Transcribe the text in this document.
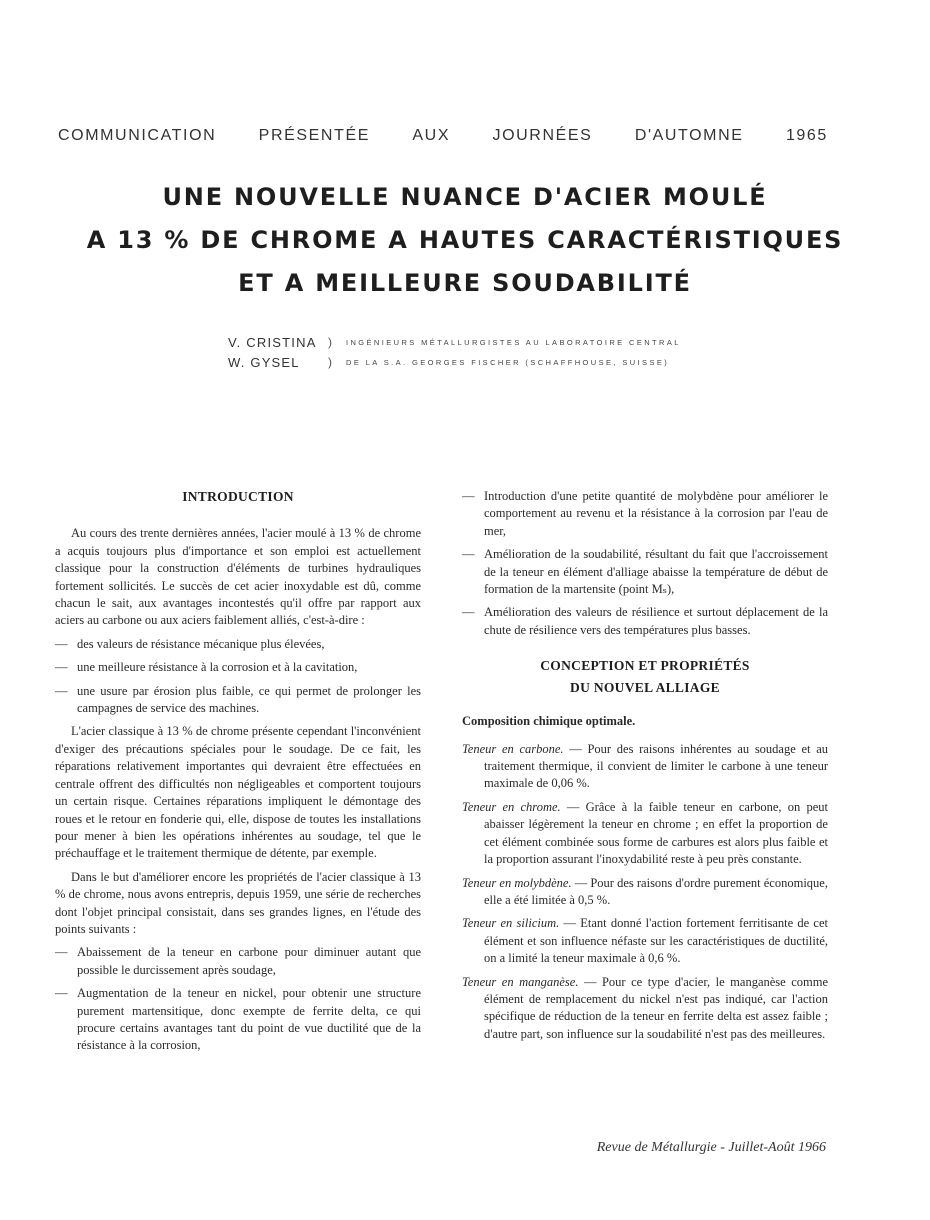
COMMUNICATION	PRÉSENTÉE	AUX	JOURNÉES	D'AUTOMNE	1965
UNE NOUVELLE NUANCE D'ACIER MOULÉ
A 13 % DE CHROME A HAUTES CARACTÉRISTIQUES
ET A MEILLEURE SOUDABILITÉ
V. CRISTINA )	INGÉNIEURS MÉTALLURGISTES AU LABORATOIRE CENTRAL
W. GYSEL	)	DE LA S.A. GEORGES FISCHER (SCHAFFHOUSE, SUISSE)
INTRODUCTION

Au cours des trente dernières années, l'acier moulé à 13 % de chrome a acquis toujours plus d'importance et son emploi est actuellement classique pour la construction d'éléments de turbines hydrauliques fortement sollicités. Le succès de cet acier inoxydable est dû, comme chacun le sait, aux avantages incontestés qu'il offre par rapport aux aciers au carbone ou aux aciers faiblement alliés, c'est-à-dire :

— des valeurs de résistance mécanique plus élevées,
— une meilleure résistance à la corrosion et à la cavitation,
— une usure par érosion plus faible, ce qui permet de prolonger les campagnes de service des machines.

L'acier classique à 13 % de chrome présente cependant l'inconvénient d'exiger des précautions spéciales pour le soudage. De ce fait, les réparations relativement importantes qui devraient être effectuées en centrale offrent des difficultés non négligeables et comportent toujours un certain risque. Certaines réparations impliquent le démontage des roues et le retour en fonderie qui, elle, dispose de toutes les installations pour mener à bien les opérations inhérentes au soudage, tel que le préchauffage et le traitement thermique de détente, par exemple.

Dans le but d'améliorer encore les propriétés de l'acier classique à 13 % de chrome, nous avons entrepris, depuis 1959, une série de recherches dont l'objet principal consistait, dans ses grandes lignes, en l'étude des points suivants :

— Abaissement de la teneur en carbone pour diminuer autant que possible le durcissement après soudage,
— Augmentation de la teneur en nickel, pour obtenir une structure purement martensitique, donc exempte de ferrite delta, ce qui procure certains avantages tant du point de vue ductilité que de la résistance à la corrosion,
— Introduction d'une petite quantité de molybdène pour améliorer le comportement au revenu et la résistance à la corrosion par l'eau de mer,
— Amélioration de la soudabilité, résultant du fait que l'accroissement de la teneur en élément d'alliage abaisse la température de début de formation de la martensite (point Mₛ),
— Amélioration des valeurs de résilience et surtout déplacement de la chute de résilience vers des températures plus basses.
CONCEPTION ET PROPRIÉTÉS
DU NOUVEL ALLIAGE
Composition chimique optimale.
Teneur en carbone. — Pour des raisons inhérentes au soudage et au traitement thermique, il convient de limiter le carbone à une teneur maximale de 0,06 %.
Teneur en chrome. — Grâce à la faible teneur en carbone, on peut abaisser légèrement la teneur en chrome ; en effet la proportion de cet élément combinée sous forme de carbures est alors plus faible et la proportion assurant l'inoxydabilité reste à peu près constante.
Teneur en molybdène. — Pour des raisons d'ordre purement économique, elle a été limitée à 0,5 %.
Teneur en silicium. — Etant donné l'action fortement ferritisante de cet élément et son influence néfaste sur les caractéristiques de ductilité, on a limité la teneur maximale à 0,6 %.
Teneur en manganèse. — Pour ce type d'acier, le manganèse comme élément de remplacement du nickel n'est pas indiqué, car l'action spécifique de réduction de la teneur en ferrite delta est assez faible ; d'autre part, son influence sur la soudabilité n'est pas des meilleures.
Revue de Métallurgie - Juillet-Août 1966
